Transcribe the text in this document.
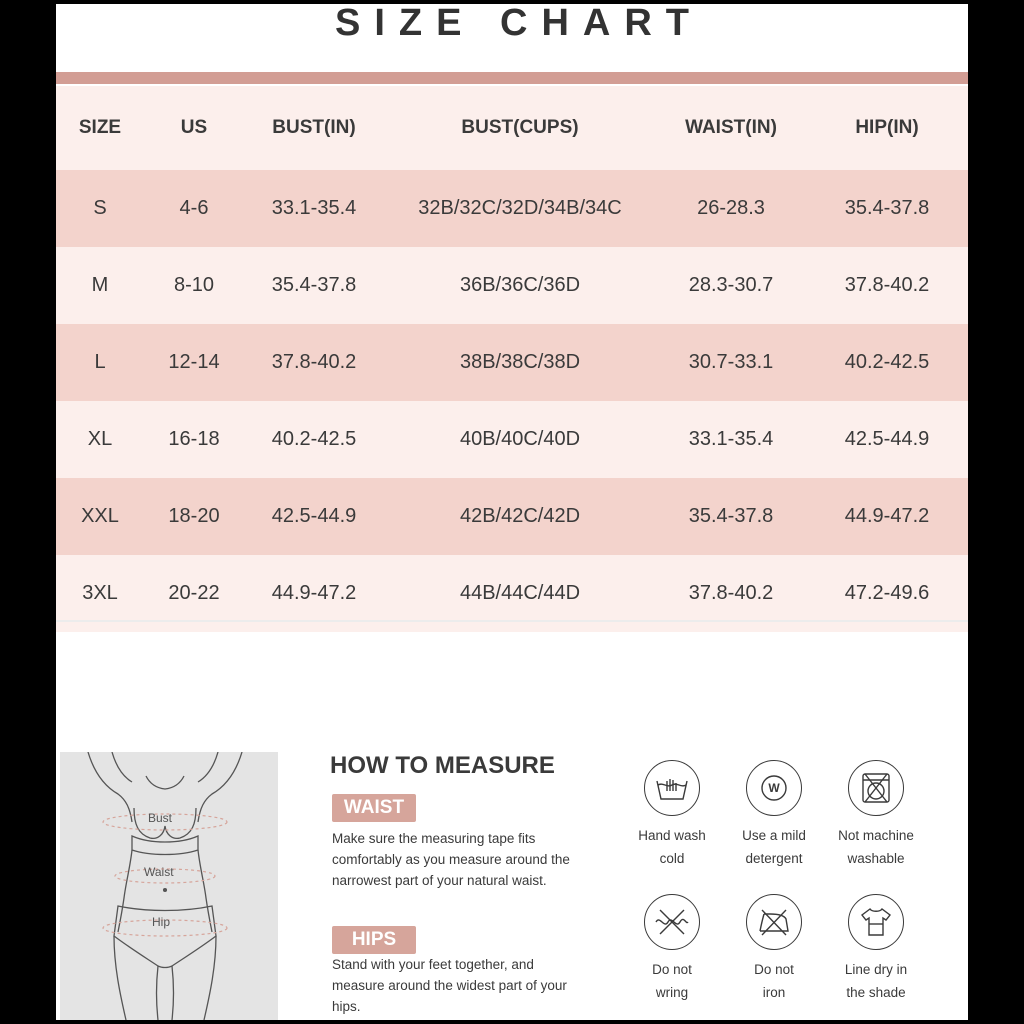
SIZE CHART
SIZE	US	BUST(IN)	BUST(CUPS)	WAIST(IN)	HIP(IN)
S	4-6	33.1-35.4	32B/32C/32D/34B/34C	26-28.3	35.4-37.8
M	8-10	35.4-37.8	36B/36C/36D	28.3-30.7	37.8-40.2
L	12-14	37.8-40.2	38B/38C/38D	30.7-33.1	40.2-42.5
XL	16-18	40.2-42.5	40B/40C/40D	33.1-35.4	42.5-44.9
XXL	18-20	42.5-44.9	42B/42C/42D	35.4-37.8	44.9-47.2
3XL	20-22	44.9-47.2	44B/44C/44D	37.8-40.2	47.2-49.6
Bust
Waist
Hip
HOW TO MEASURE
WAIST
Make sure the measuring tape fits comfortably as you measure around the narrowest part of your natural waist.
HIPS
Stand with your feet together, and measure around the widest part of your hips.
Hand wash
cold
W
Use a mild
detergent
Not machine
washable
Do not
wring
Do not
iron
Line dry in
the shade
